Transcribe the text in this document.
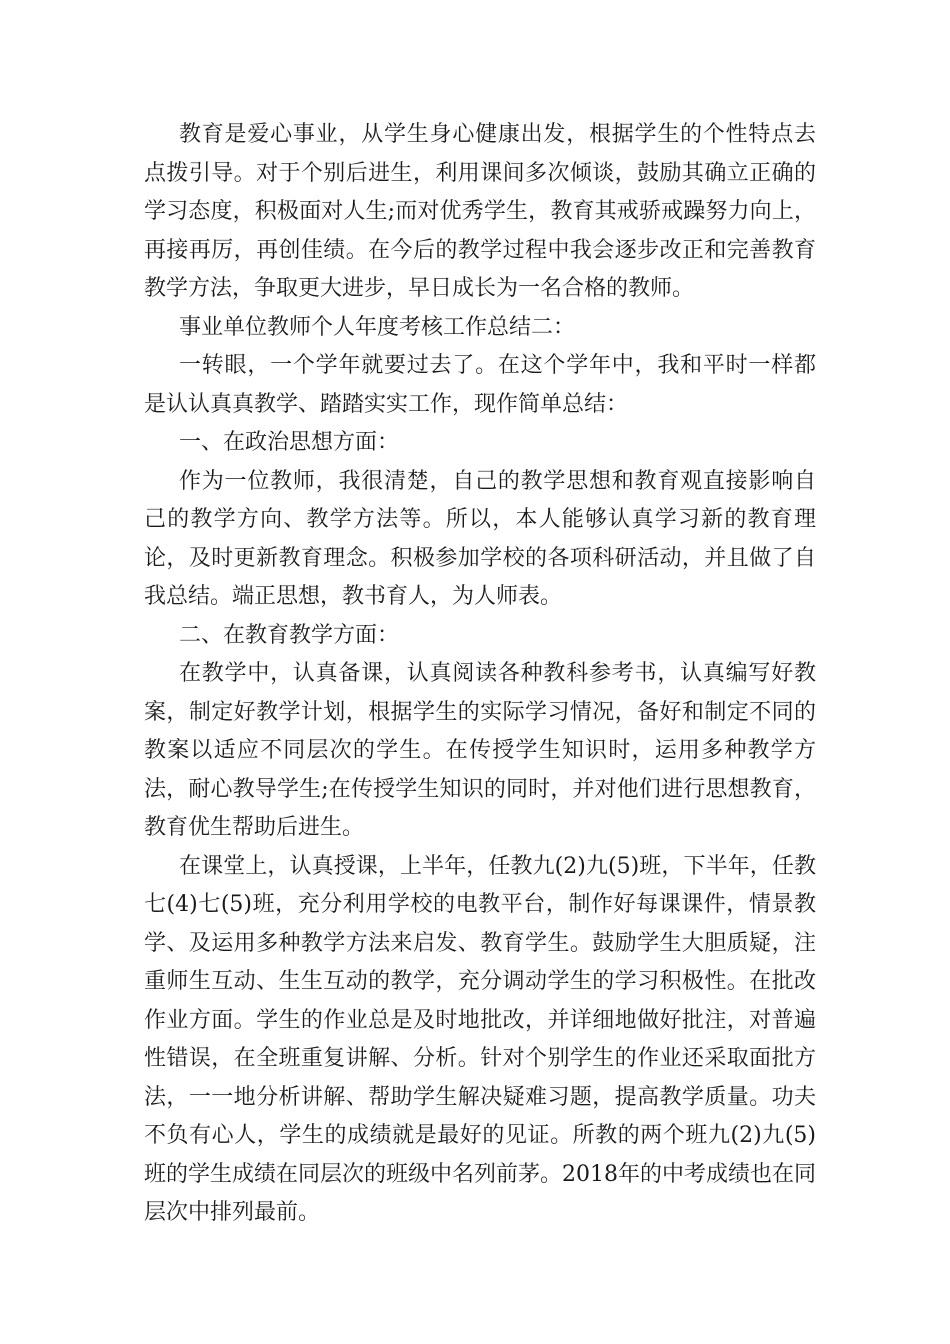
教育是爱心事业，从学生身心健康出发，根据学生的个性特点去点拨引导。对于个别后进生，利用课间多次倾谈，鼓励其确立正确的学习态度，积极面对人生;而对优秀学生，教育其戒骄戒躁努力向上，再接再厉，再创佳绩。在今后的教学过程中我会逐步改正和完善教育教学方法，争取更大进步，早日成长为一名合格的教师。

事业单位教师个人年度考核工作总结二：

一转眼，一个学年就要过去了。在这个学年中，我和平时一样都是认认真真教学、踏踏实实工作，现作简单总结：

一、在政治思想方面：

作为一位教师，我很清楚，自己的教学思想和教育观直接影响自己的教学方向、教学方法等。所以，本人能够认真学习新的教育理论，及时更新教育理念。积极参加学校的各项科研活动，并且做了自我总结。端正思想，教书育人，为人师表。

二、在教育教学方面：

在教学中，认真备课，认真阅读各种教科参考书，认真编写好教案，制定好教学计划，根据学生的实际学习情况，备好和制定不同的教案以适应不同层次的学生。在传授学生知识时，运用多种教学方法，耐心教导学生;在传授学生知识的同时，并对他们进行思想教育，教育优生帮助后进生。

在课堂上，认真授课，上半年，任教九(2)九(5)班，下半年，任教七(4)七(5)班，充分利用学校的电教平台，制作好每课课件，情景教学、及运用多种教学方法来启发、教育学生。鼓励学生大胆质疑，注重师生互动、生生互动的教学，充分调动学生的学习积极性。在批改作业方面。学生的作业总是及时地批改，并详细地做好批注，对普遍性错误，在全班重复讲解、分析。针对个别学生的作业还采取面批方法，一一地分析讲解、帮助学生解决疑难习题，提高教学质量。功夫不负有心人，学生的成绩就是最好的见证。所教的两个班九(2)九(5)班的学生成绩在同层次的班级中名列前茅。2018年的中考成绩也在同层次中排列最前。
